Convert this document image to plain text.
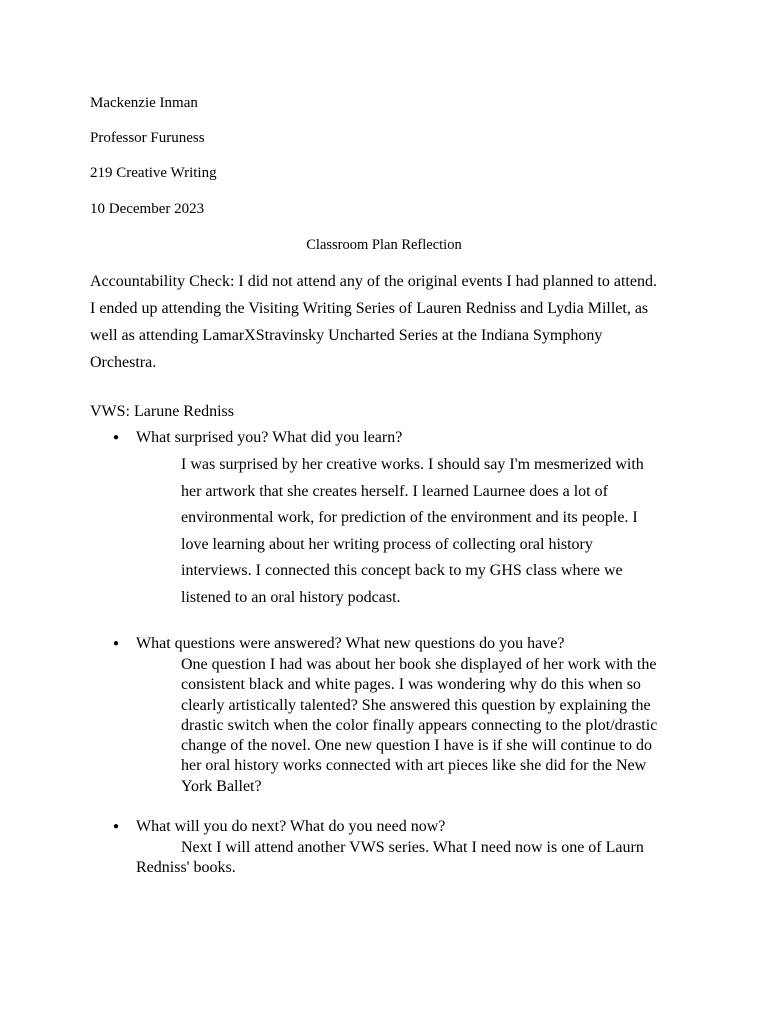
Mackenzie Inman
Professor Furuness
219 Creative Writing
10 December 2023
Classroom Plan Reflection
Accountability Check: I did not attend any of the original events I had planned to attend.
I ended up attending the Visiting Writing Series of Lauren Redniss and Lydia Millet, as
well as attending LamarXStravinsky Uncharted Series at the Indiana Symphony
Orchestra.
VWS: Larune Redniss
● What surprised you? What did you learn?
I was surprised by her creative works. I should say I'm mesmerized with
her artwork that she creates herself. I learned Laurnee does a lot of
environmental work, for prediction of the environment and its people. I
love learning about her writing process of collecting oral history
interviews. I connected this concept back to my GHS class where we
listened to an oral history podcast.
● What questions were answered? What new questions do you have?
One question I had was about her book she displayed of her work with the
consistent black and white pages. I was wondering why do this when so
clearly artistically talented? She answered this question by explaining the
drastic switch when the color finally appears connecting to the plot/drastic
change of the novel. One new question I have is if she will continue to do
her oral history works connected with art pieces like she did for the New
York Ballet?
● What will you do next? What do you need now?
Next I will attend another VWS series. What I need now is one of Laurn
Redniss' books.
